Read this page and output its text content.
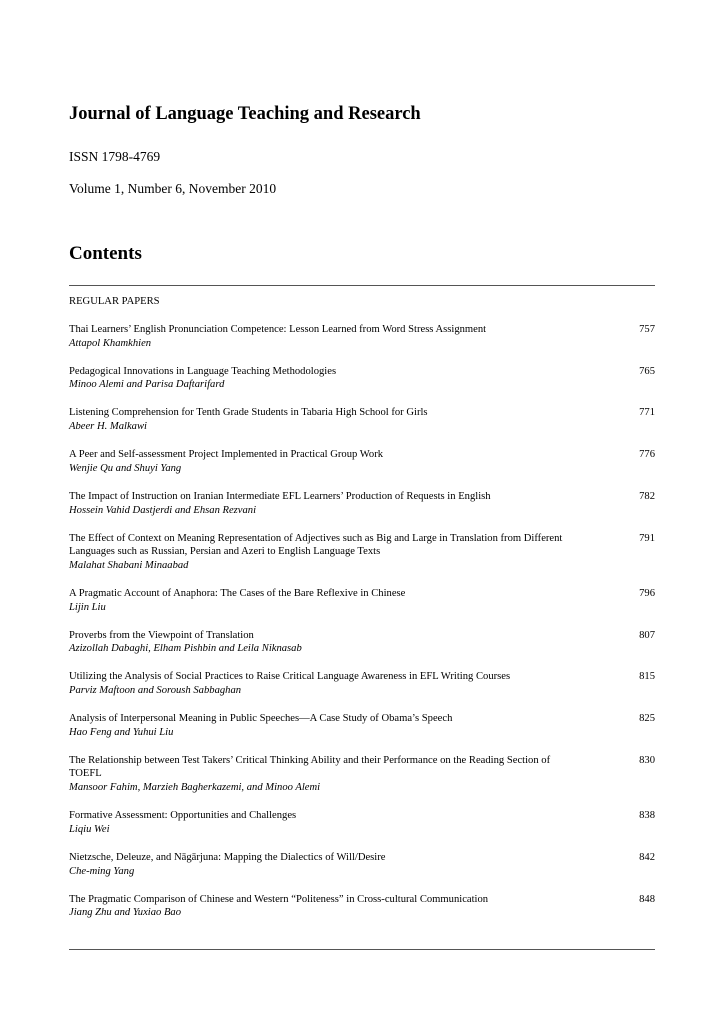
Journal of Language Teaching and Research
ISSN 1798-4769
Volume 1, Number 6, November 2010
Contents
REGULAR PAPERS
Thai Learners’ English Pronunciation Competence: Lesson Learned from Word Stress Assignment
Attapol Khamkhien
757
Pedagogical Innovations in Language Teaching Methodologies
Minoo Alemi and Parisa Daftarifard
765
Listening Comprehension for Tenth Grade Students in Tabaria High School for Girls
Abeer H. Malkawi
771
A Peer and Self-assessment Project Implemented in Practical Group Work
Wenjie Qu and Shuyi Yang
776
The Impact of Instruction on Iranian Intermediate EFL Learners’ Production of Requests in English
Hossein Vahid Dastjerdi and Ehsan Rezvani
782
The Effect of Context on Meaning Representation of Adjectives such as Big and Large in Translation from Different Languages such as Russian, Persian and Azeri to English Language Texts
Malahat Shabani Minaabad
791
A Pragmatic Account of Anaphora: The Cases of the Bare Reflexive in Chinese
Lijin Liu
796
Proverbs from the Viewpoint of Translation
Azizollah Dabaghi, Elham Pishbin and Leila Niknasab
807
Utilizing the Analysis of Social Practices to Raise Critical Language Awareness in EFL Writing Courses
Parviz Maftoon and Soroush Sabbaghan
815
Analysis of Interpersonal Meaning in Public Speeches—A Case Study of Obama’s Speech
Hao Feng and Yuhui Liu
825
The Relationship between Test Takers’ Critical Thinking Ability and their Performance on the Reading Section of TOEFL
Mansoor Fahim, Marzieh Bagherkazemi, and Minoo Alemi
830
Formative Assessment: Opportunities and Challenges
Liqiu Wei
838
Nietzsche, Deleuze, and Nāgārjuna: Mapping the Dialectics of Will/Desire
Che-ming Yang
842
The Pragmatic Comparison of Chinese and Western “Politeness” in Cross-cultural Communication
Jiang Zhu and Yuxiao Bao
848
